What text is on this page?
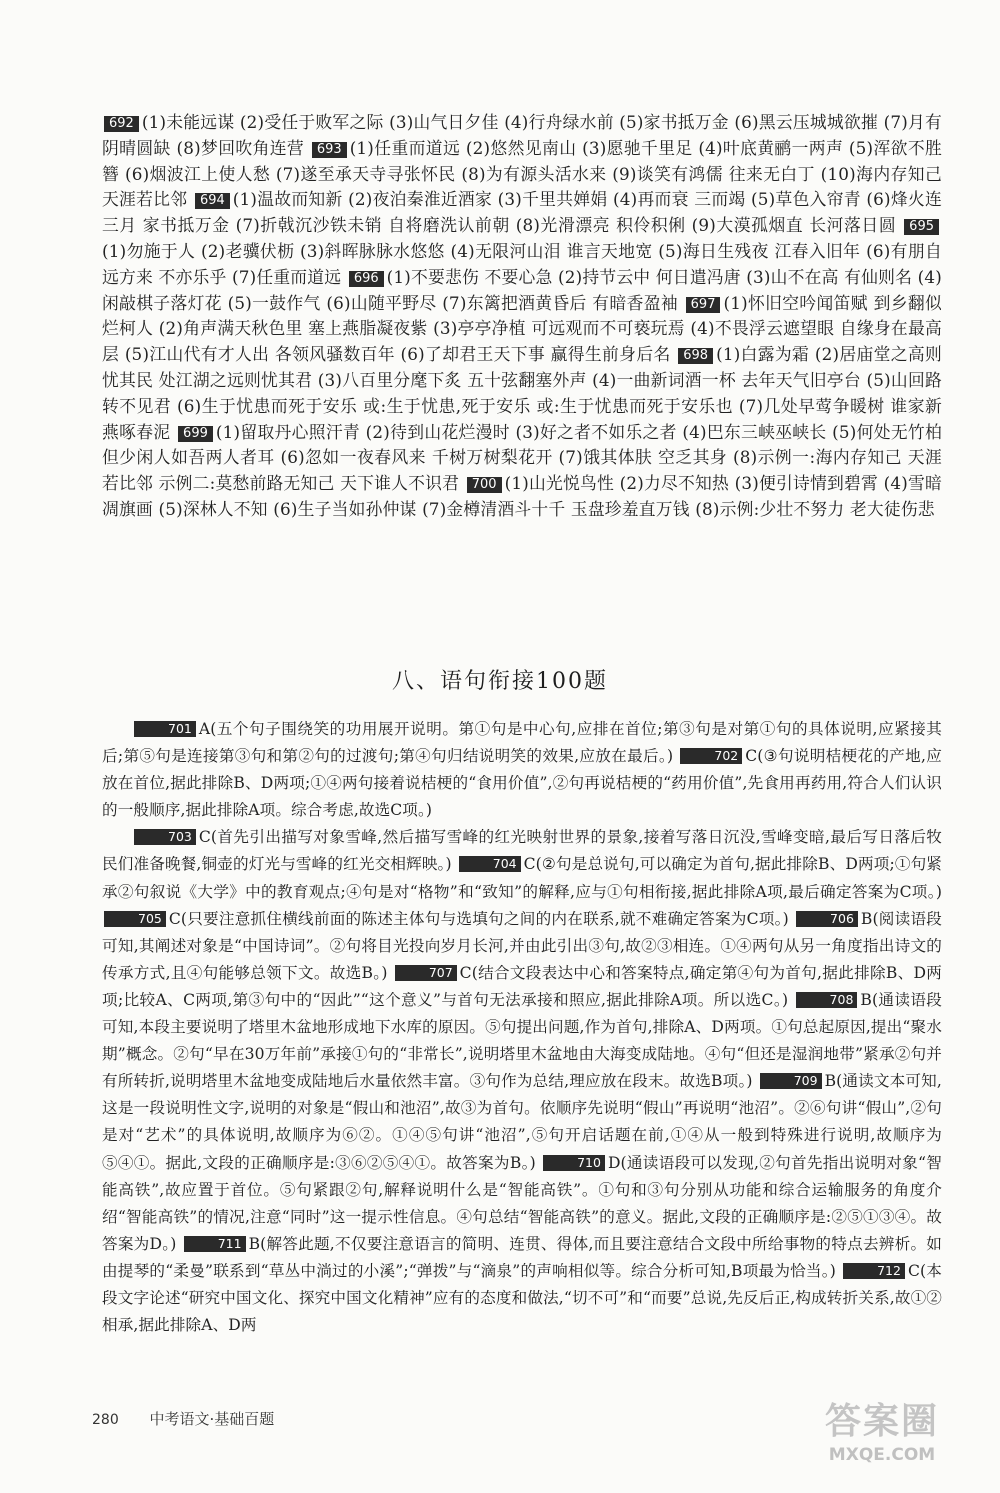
692 (1)未能远谋 (2)受任于败军之际 (3)山气日夕佳 (4)行舟绿水前 (5)家书抵万金 (6)黑云压城城欲摧 (7)月有阴晴圆缺 (8)梦回吹角连营 693 (1)任重而道远 (2)悠然见南山 (3)愿驰千里足 (4)叶底黄鹂一两声 (5)浑欲不胜簪 (6)烟波江上使人愁 (7)遂至承天寺寻张怀民 (8)为有源头活水来 (9)谈笑有鸿儒 往来无白丁 (10)海内存知己 天涯若比邻 694 (1)温故而知新 (2)夜泊秦淮近酒家 (3)千里共婵娟 (4)再而衰 三而竭 (5)草色入帘青 (6)烽火连三月 家书抵万金 (7)折戟沉沙铁未销 自将磨洗认前朝 (8)光滑漂亮 积伶积俐 (9)大漠孤烟直 长河落日圆 695(1)勿施于人 (2)老骥伏枥 (3)斜晖脉脉水悠悠 (4)无限河山泪 谁言天地宽 (5)海日生残夜 江春入旧年 (6)有朋自远方来 不亦乐乎 (7)任重而道远 696 (1)不要悲伤 不要心急 (2)持节云中 何日遣冯唐 (3)山不在高 有仙则名 (4)闲敲棋子落灯花 (5)一鼓作气 (6)山随平野尽 (7)东篱把酒黄昏后 有暗香盈袖 697 (1)怀旧空吟闻笛赋 到乡翻似烂柯人 (2)角声满天秋色里 塞上燕脂凝夜紫 (3)亭亭净植 可远观而不可亵玩焉 (4)不畏浮云遮望眼 自缘身在最高层 (5)江山代有才人出 各领风骚数百年 (6)了却君王天下事 赢得生前身后名 698 (1)白露为霜 (2)居庙堂之高则忧其民 处江湖之远则忧其君 (3)八百里分麾下炙 五十弦翻塞外声 (4)一曲新词酒一杯 去年天气旧亭台 (5)山回路转不见君 (6)生于忧患而死于安乐 或:生于忧患,死于安乐 或:生于忧患而死于安乐也 (7)几处早莺争暖树 谁家新燕啄春泥 699 (1)留取丹心照汗青 (2)待到山花烂漫时 (3)好之者不如乐之者 (4)巴东三峡巫峡长 (5)何处无竹柏 但少闲人如吾两人者耳 (6)忽如一夜春风来 千树万树梨花开 (7)饿其体肤 空乏其身 (8)示例一:海内存知己 天涯若比邻 示例二:莫愁前路无知己 天下谁人不识君 700 (1)山光悦鸟性 (2)力尽不知热 (3)便引诗情到碧霄 (4)雪暗凋旗画 (5)深林人不知 (6)生子当如孙仲谋 (7)金樽清酒斗十千 玉盘珍羞直万钱 (8)示例:少壮不努力 老大徒伤悲
八、语句衔接100题

701 A(五个句子围绕笑的功用展开说明。第①句是中心句,应排在首位;第③句是对第①句的具体说明,应紧接其后;第⑤句是连接第③句和第②句的过渡句;第④句归结说明笑的效果,应放在最后。)	702 C(③句说明桔梗花的产地,应放在首位,据此排除B、D两项;①④两句接着说桔梗的“食用价值”,②句再说桔梗的“药用价值”,先食用再药用,符合人们认识的一般顺序,据此排除A项。综合考虑,故选C项。)

703 C(首先引出描写对象雪峰,然后描写雪峰的红光映射世界的景象,接着写落日沉没,雪峰变暗,最后写日落后牧民们准备晚餐,铜壶的灯光与雪峰的红光交相辉映。)	704 C(②句是总说句,可以确定为首句,据此排除B、D两项;①句紧承②句叙说《大学》中的教育观点;④句是对“格物”和“致知”的解释,应与①句相衔接,据此排除A项,最后确定答案为C项。) 705 C(只要注意抓住横线前面的陈述主体句与选填句之间的内在联系,就不难确定答案为C项。)	706 B(阅读语段可知,其阐述对象是“中国诗词”。②句将目光投向岁月长河,并由此引出③句,故②③相连。①④两句从另一角度指出诗文的传承方式,且④句能够总领下文。故选B。)	707 C(结合文段表达中心和答案特点,确定第④句为首句,据此排除B、D两项;比较A、C两项,第③句中的“因此”“这个意义”与首句无法承接和照应,据此排除A项。所以选C。)	708 B(通读语段可知,本段主要说明了塔里木盆地形成地下水库的原因。⑤句提出问题,作为首句,排除A、D两项。①句总起原因,提出“聚水期”概念。②句“早在30万年前”承接①句的“非常长”,说明塔里木盆地由大海变成陆地。④句“但还是湿润地带”紧承②句并有所转折,说明塔里木盆地变成陆地后水量依然丰富。③句作为总结,理应放在段末。故选B项。)	709 B(通读文本可知,这是一段说明性文字,说明的对象是“假山和池沼”,故③为首句。依顺序先说明“假山”再说明“池沼”。②⑥句讲“假山”,②句是对“艺术”的具体说明,故顺序为⑥②。①④⑤句讲“池沼”,⑤句开启话题在前,①④从一般到特殊进行说明,故顺序为⑤④①。据此,文段的正确顺序是:③⑥②⑤④①。故答案为B。)	710 D(通读语段可以发现,②句首先指出说明对象“智能高铁”,故应置于首位。⑤句紧跟②句,解释说明什么是“智能高铁”。①句和③句分别从功能和综合运输服务的角度介绍“智能高铁”的情况,注意“同时”这一提示性信息。④句总结“智能高铁”的意义。据此,文段的正确顺序是:②⑤①③④。故答案为D。)	711 B(解答此题,不仅要注意语言的简明、连贯、得体,而且要注意结合文段中所给事物的特点去辨析。如由提琴的“柔曼”联系到“草丛中淌过的小溪”;“弹拨”与“滴泉”的声响相似等。综合分析可知,B项最为恰当。)	712 C(本段文字论述“研究中国文化、探究中国文化精神”应有的态度和做法,“切不可”和“而要”总说,先反后正,构成转折关系,故①②相承,据此排除A、D两

280 中考语文·基础百题	答案圈
MXQE.COM
